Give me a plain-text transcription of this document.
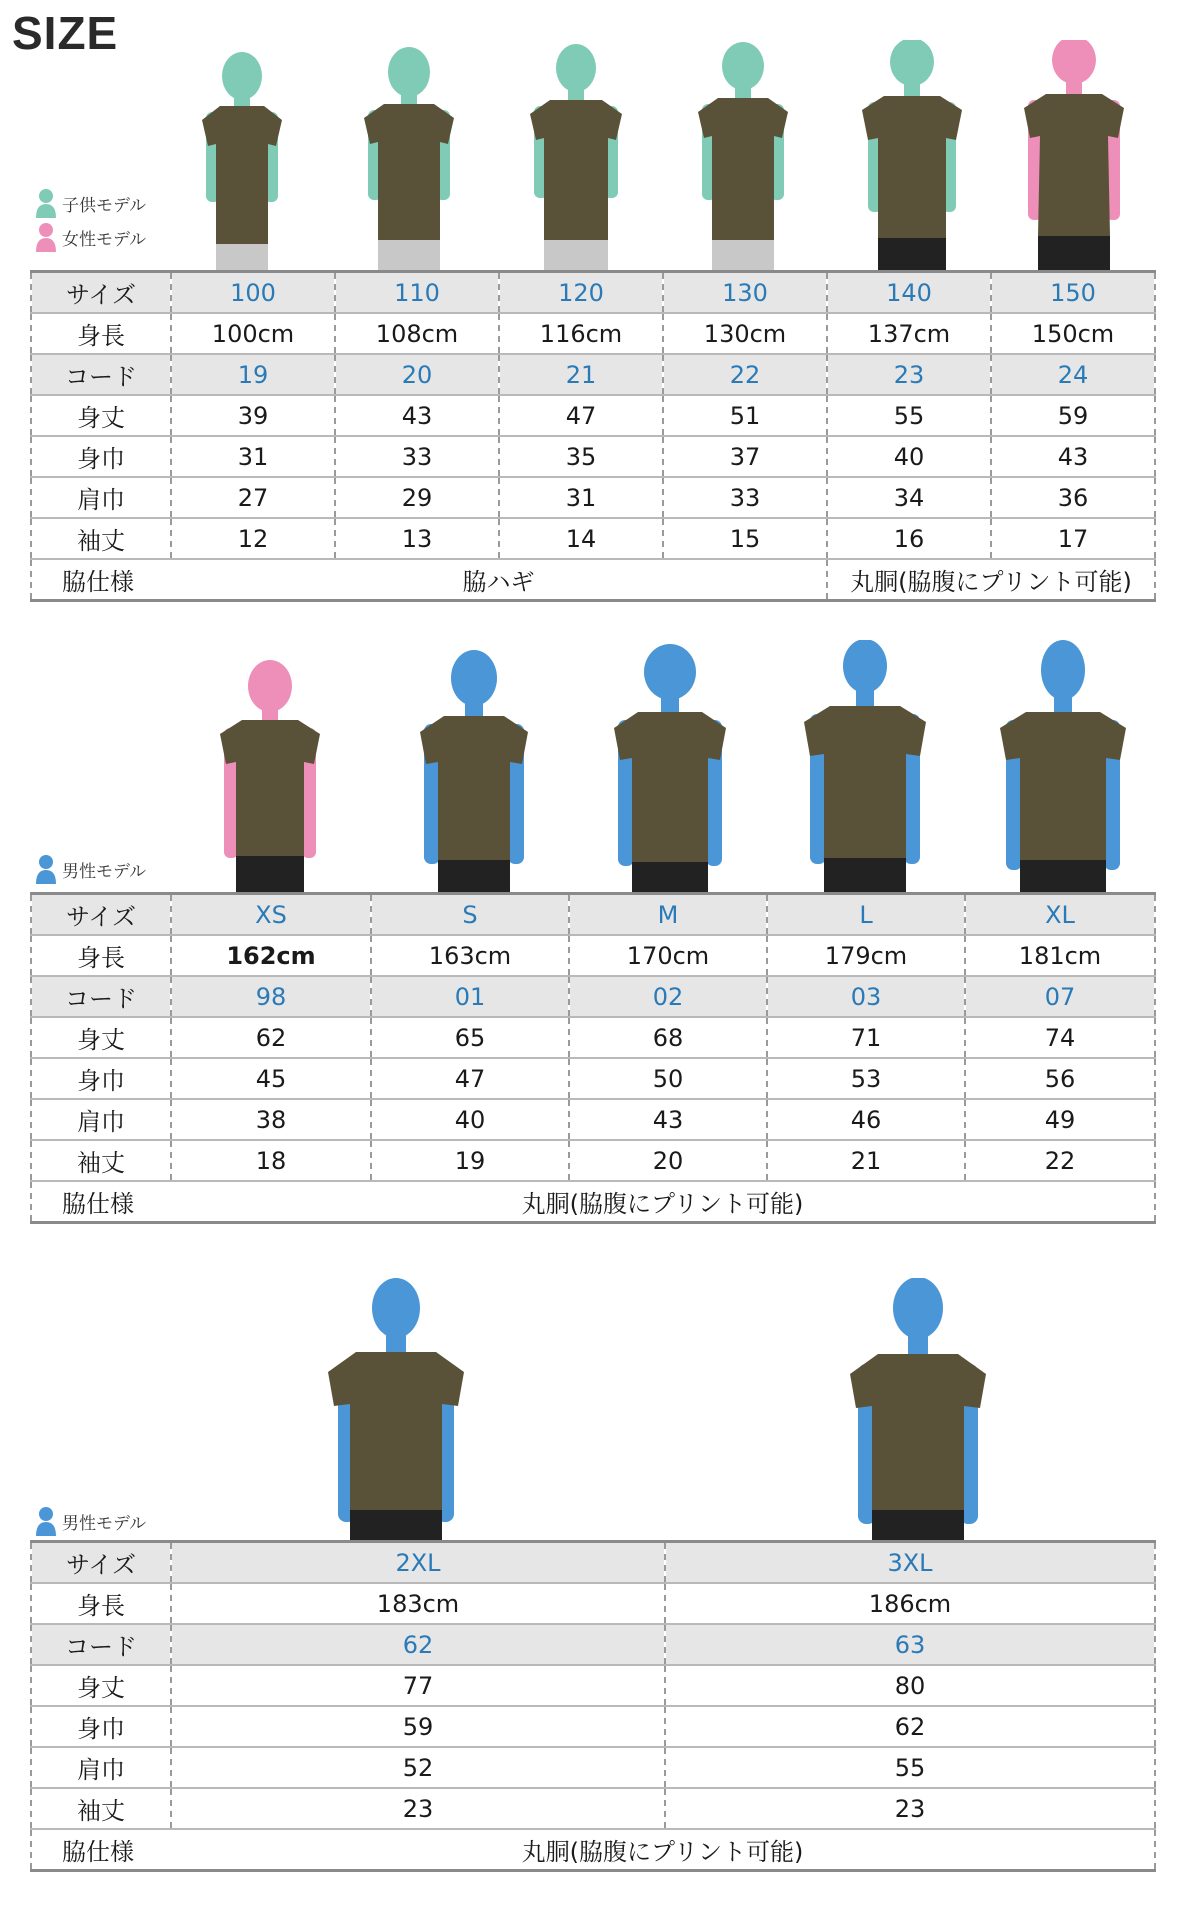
SIZE
子供モデル
女性モデル
サイズ	100	110	120	130	140	150
身長	100cm	108cm	116cm	130cm	137cm	150cm
コード	19	20	21	22	23	24
身丈	39	43	47	51	55	59
身巾	31	33	35	37	40	43
肩巾	27	29	31	33	34	36
袖丈	12	13	14	15	16	17
脇仕様	脇ハギ				丸胴(脇腹にプリント可能)	
男性モデル
サイズ	XS	S	M	L	XL
身長	162cm	163cm	170cm	179cm	181cm
コード	98	01	02	03	07
身丈	62	65	68	71	74
身巾	45	47	50	53	56
肩巾	38	40	43	46	49
袖丈	18	19	20	21	22
脇仕様	丸胴(脇腹にプリント可能)				
男性モデル
サイズ	2XL	3XL
身長	183cm	186cm
コード	62	63
身丈	77	80
身巾	59	62
肩巾	52	55
袖丈	23	23
脇仕様	丸胴(脇腹にプリント可能)	
